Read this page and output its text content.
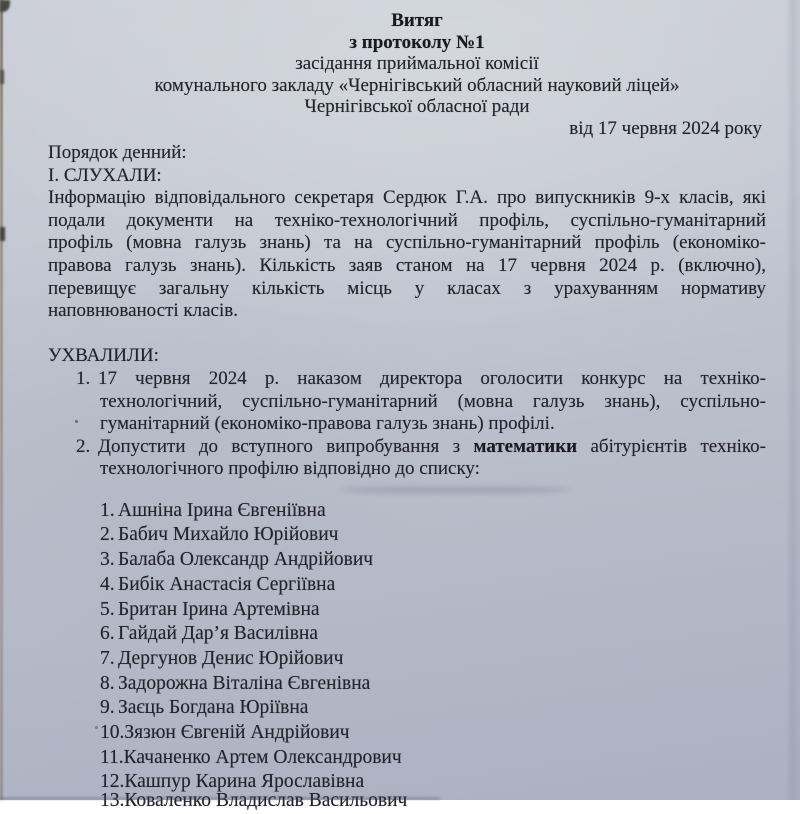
Витяг
з протоколу №1
засідання приймальної комісії
комунального закладу «Чернігівський обласний науковий ліцей»
Чернігівської обласної ради
від 17 червня 2024 року
Порядок денний:
І. СЛУХАЛИ:
Інформацію відповідального секретаря Сердюк Г.А. про випускників 9-х класів, які
подали документи на техніко-технологічний профіль, суспільно-гуманітарний
профіль (мовна галузь знань) та на суспільно-гуманітарний профіль (економіко-
правова галузь знань). Кількість заяв станом на 17 червня 2024 р. (включно),
перевищує загальну кількість місць у класах з урахуванням нормативу
наповнюваності класів.
УХВАЛИЛИ:
1. 17 червня 2024 р. наказом директора оголосити конкурс на техніко-
технологічний, суспільно-гуманітарний (мовна галузь знань), суспільно-
гуманітарний (економіко-правова галузь знань) профілі.
2. Допустити до вступного випробування з математики абітурієнтів техніко-
технологічного профілю відповідно до списку:
1. Ашніна Ірина Євгеніївна
2. Бабич Михайло Юрійович
3. Балаба Олександр Андрійович
4. Бибік Анастасія Сергіївна
5. Британ Ірина Артемівна
6. Гайдай Дар’я Василівна
7. Дергунов Денис Юрійович
8. Задорожна Віталіна Євгенівна
9. Заєць Богдана Юріївна
10.Зязюн Євгеній Андрійович
11.Качаненко Артем Олександрович
12.Кашпур Карина Ярославівна
13.Коваленко Владислав Васильович
